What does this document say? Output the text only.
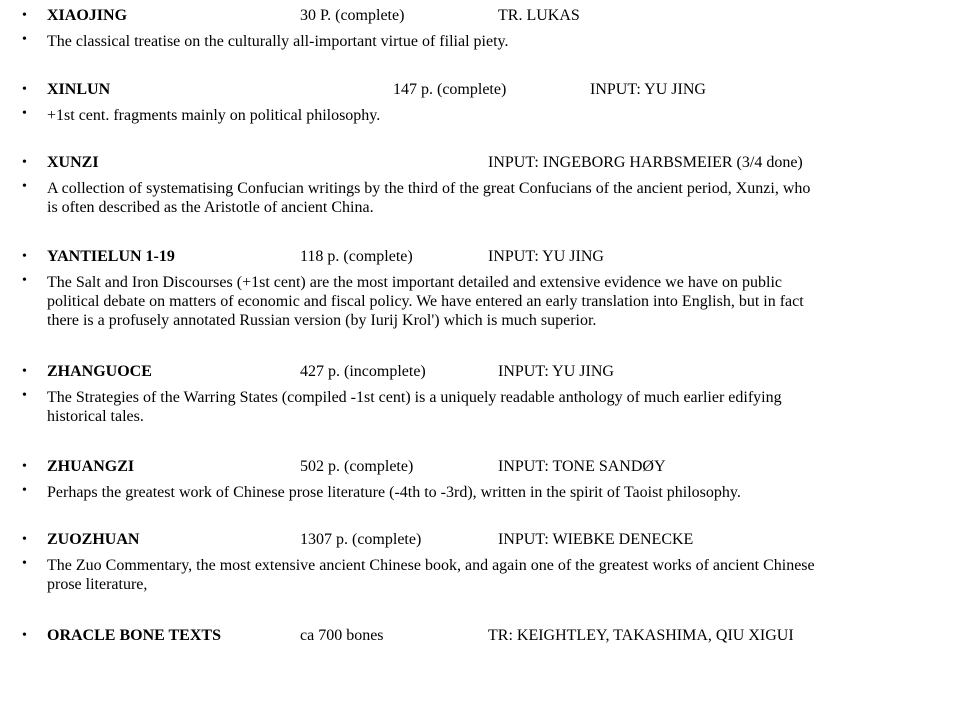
• XIAOJING	30 P. (complete)	TR. LUKAS
• The classical treatise on the culturally all-important virtue of filial piety.
• XINLUN	147 p. (complete)	INPUT: YU JING
• +1st cent. fragments mainly on political philosophy.
• XUNZI	INPUT: INGEBORG HARBSMEIER (3/4 done)
• A collection of systematising Confucian writings by the third of the great Confucians of the ancient period, Xunzi, who
is often described as the Aristotle of ancient China.
• YANTIELUN 1-19	118 p. (complete)	INPUT: YU JING
• The Salt and Iron Discourses (+1st cent) are the most important detailed and extensive evidence we have on public
political debate on matters of economic and fiscal policy. We have entered an early translation into English, but in fact
there is a profusely annotated Russian version (by Iurij Krol') which is much superior.
• ZHANGUOCE	427 p. (incomplete)	INPUT: YU JING
• The Strategies of the Warring States (compiled -1st cent) is a uniquely readable anthology of much earlier edifying
historical tales.
• ZHUANGZI	502 p. (complete)	INPUT: TONE SANDØY
• Perhaps the greatest work of Chinese prose literature (-4th to -3rd), written in the spirit of Taoist philosophy.
• ZUOZHUAN	1307 p. (complete)	INPUT: WIEBKE DENECKE
• The Zuo Commentary, the most extensive ancient Chinese book, and again one of the greatest works of ancient Chinese
prose literature,
• ORACLE BONE TEXTS	ca 700 bones	TR: KEIGHTLEY, TAKASHIMA, QIU XIGUI
